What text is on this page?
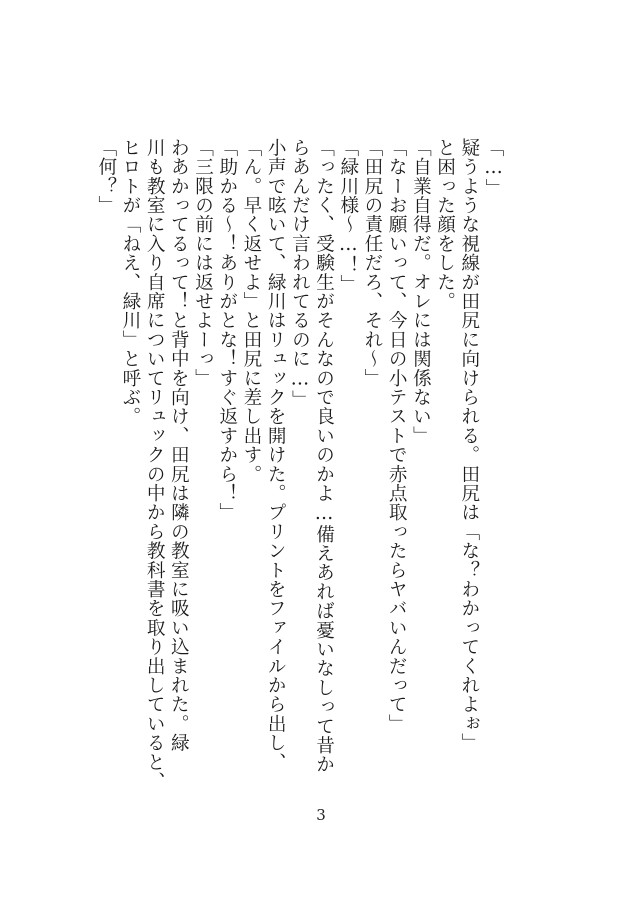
「…」
疑うような視線が田尻に向けられる。田尻は「な？わかってくれよぉ」
と困った顔をした。
「自業自得だ。オレには関係ない」
「なーお願いって、今日の小テストで赤点取ったらヤバいんだって」
「田尻の責任だろ、それ〜」
「緑川様〜…！」
「ったく、受験生がそんなので良いのかよ…備えあれば憂いなしって昔か
らあんだけ言われてるのに…」
小声で呟いて、緑川はリュックを開けた。プリントをファイルから出し、
「ん。早く返せよ」と田尻に差し出す。
「助かる〜！ありがとな！すぐ返すから！」
「三限の前には返せよーっ」
わあかってるって！と背中を向け、田尻は隣の教室に吸い込まれた。緑
川も教室に入り自席についてリュックの中から教科書を取り出していると、
ヒロトが「ねえ、緑川」と呼ぶ。
「何？」
3
